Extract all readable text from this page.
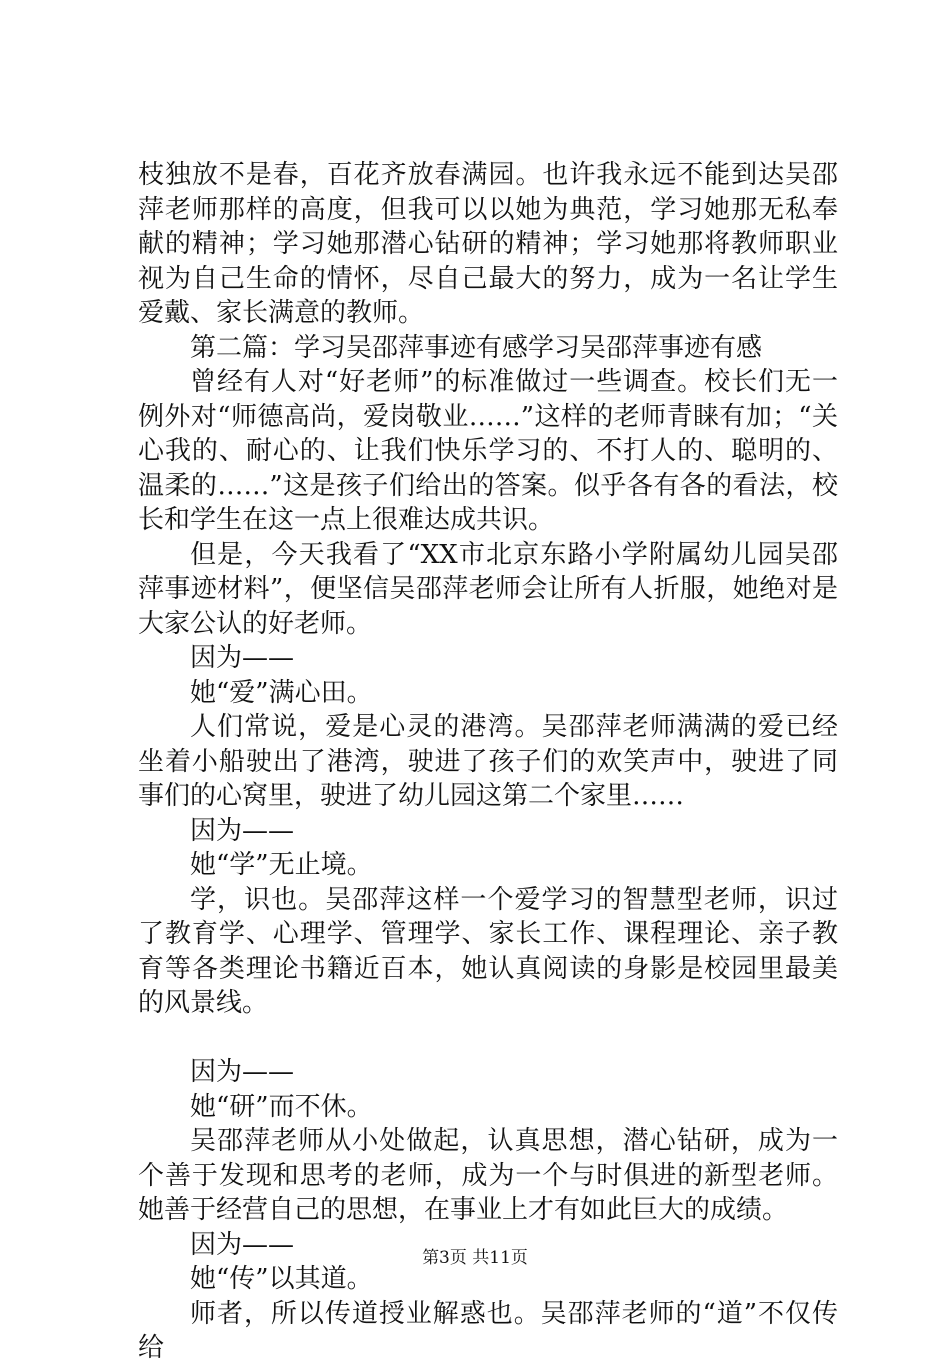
枝独放不是春，百花齐放春满园。也许我永远不能到达吴邵萍老师那样的高度，但我可以以她为典范，学习她那无私奉献的精神；学习她那潜心钻研的精神；学习她那将教师职业视为自己生命的情怀，尽自己最大的努力，成为一名让学生爱戴、家长满意的教师。

第二篇：学习吴邵萍事迹有感学习吴邵萍事迹有感

曾经有人对“好老师”的标准做过一些调查。校长们无一例外对“师德高尚，爱岗敬业……”这样的老师青睐有加；“关心我的、耐心的、让我们快乐学习的、不打人的、聪明的、温柔的……”这是孩子们给出的答案。似乎各有各的看法，校长和学生在这一点上很难达成共识。

但是，今天我看了“XX市北京东路小学附属幼儿园吴邵萍事迹材料”，便坚信吴邵萍老师会让所有人折服，她绝对是大家公认的好老师。

因为——

她“爱”满心田。

人们常说，爱是心灵的港湾。吴邵萍老师满满的爱已经坐着小船驶出了港湾，驶进了孩子们的欢笑声中，驶进了同事们的心窝里，驶进了幼儿园这第二个家里……

因为——

她“学”无止境。

学，识也。吴邵萍这样一个爱学习的智慧型老师，识过了教育学、心理学、管理学、家长工作、课程理论、亲子教育等各类理论书籍近百本，她认真阅读的身影是校园里最美的风景线。

因为——

她“研”而不休。

吴邵萍老师从小处做起，认真思想，潜心钻研，成为一个善于发现和思考的老师，成为一个与时俱进的新型老师。她善于经营自己的思想，在事业上才有如此巨大的成绩。

因为——

她“传”以其道。

师者，所以传道授业解惑也。吴邵萍老师的“道”不仅传给

第3页 共11页
